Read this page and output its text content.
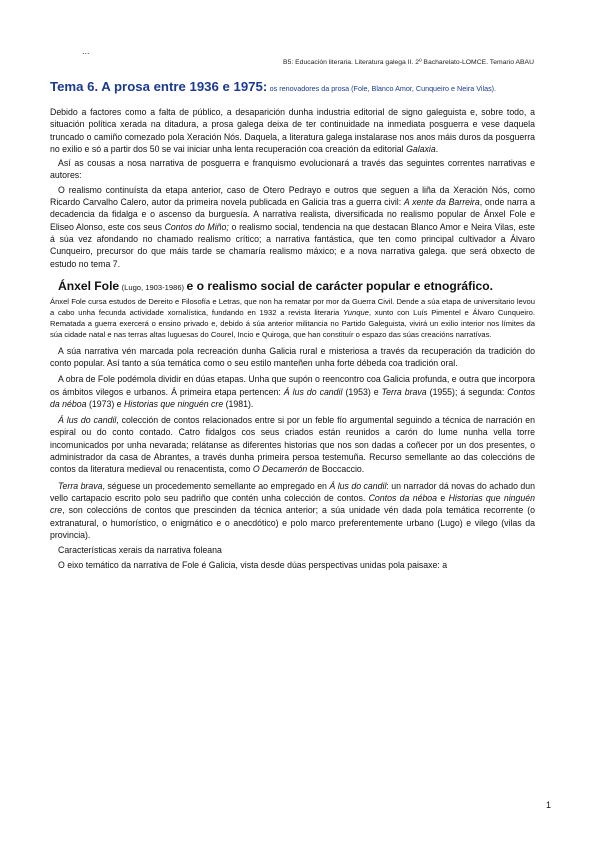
...
B5: Educación literaria. Literatura galega II. 2º Bacharelato-LOMCE. Temario ABAU

Tema 6. A prosa entre 1936 e 1975: os renovadores da prosa (Fole, Blanco Amor, Cunqueiro e Neira Vilas).

Debido a factores como a falta de público, a desaparición dunha industria editorial de signo galeguista e, sobre todo, a situación política xerada na ditadura, a prosa galega deixa de ter continuidade na inmediata posguerra e vese daquela truncado o camiño comezado pola Xeración Nós. Daquela, a literatura galega instalarase nos anos máis duros da posguerra no exilio e só a partir dos 50 se vai iniciar unha lenta recuperación coa creación da editorial Galaxia.

Así as cousas a nosa narrativa de posguerra e franquismo evolucionará a través das seguintes correntes narrativas e autores:

O realismo continuísta da etapa anterior, caso de Otero Pedrayo e outros que seguen a liña da Xeración Nós, como Ricardo Carvalho Calero, autor da primeira novela publicada en Galicia tras a guerra civil: A xente da Barreira, onde narra a decadencia da fidalga e o ascenso da burguesía. A narrativa realista, diversificada no realismo popular de Ánxel Fole e Eliseo Alonso, este cos seus Contos do Miño; o realismo social, tendencia na que destacan Blanco Amor e Neira Vilas, este á súa vez afondando no chamado realismo crítico; a narrativa fantástica, que ten como principal cultivador a Álvaro Cunqueiro, precursor do que máis tarde se chamaría realismo máxico; e a nova narrativa galega. que será obxecto de estudo no tema 7.

Ánxel Fole (Lugo, 1903-1986) e o realismo social de carácter popular e etnográfico.

Ánxel Fole cursa estudos de Dereito e Filosofía e Letras, que non ha rematar por mor da Guerra Civil. Dende a súa etapa de universitario levou a cabo unha fecunda actividade xornalística, fundando en 1932 a revista literaria Yunque, xunto con Luís Pimentel e Álvaro Cunqueiro. Rematada a guerra exercerá o ensino privado e, debido á súa anterior militancia no Partido Galeguista, vivirá un exilio interior nos límites da súa cidade natal e nas terras altas luguesas do Courel, Incio e Quiroga, que han constituír o espazo das súas creacións narratívas.

A súa narrativa vén marcada pola recreación dunha Galicia rural e misteriosa a través da recuperación da tradición do conto popular. Así tanto a súa temática como o seu estilo manteñen unha forte débeda coa tradición oral.

A obra de Fole podémola dividir en dúas etapas. Unha que supón o reencontro coa Galicia profunda, e outra que incorpora os ámbitos vilegos e urbanos. Á primeira etapa pertencen: Á lus do candil (1953) e Terra brava (1955); á segunda: Contos da néboa (1973) e Historias que ninguén cre (1981).

Á lus do candil, colección de contos relacionados entre si por un feble fío argumental seguindo a técnica de narración en espiral ou do conto contado. Catro fidalgos cos seus criados están reunidos a carón do lume nunha vella torre incomunicados por unha nevarada; relátanse as diferentes historias que nos son dadas a coñecer por un dos presentes, o administrador da casa de Abrantes, a través dunha primeira persoa testemuña. Recurso semellante ao das coleccións de contos da literatura medieval ou renacentista, como O Decamerón de Boccaccio.

Terra brava, séguese un procedemento semellante ao empregado en Á lus do candil: un narrador dá novas do achado dun vello cartapacio escrito polo seu padriño que contén unha colección de contos. Contos da néboa e Historias que ninguén cre, son coleccións de contos que prescinden da técnica anterior; a súa unidade vén dada pola temática recorrente (o extranatural, o humorístico, o enigmático e o anecdótico) e polo marco preferentemente urbano (Lugo) e vilego (vilas da provincia).

Características xerais da narrativa foleana

O eixo temático da narrativa de Fole é Galicia, vista desde dúas perspectivas unidas pola paisaxe: a

1
